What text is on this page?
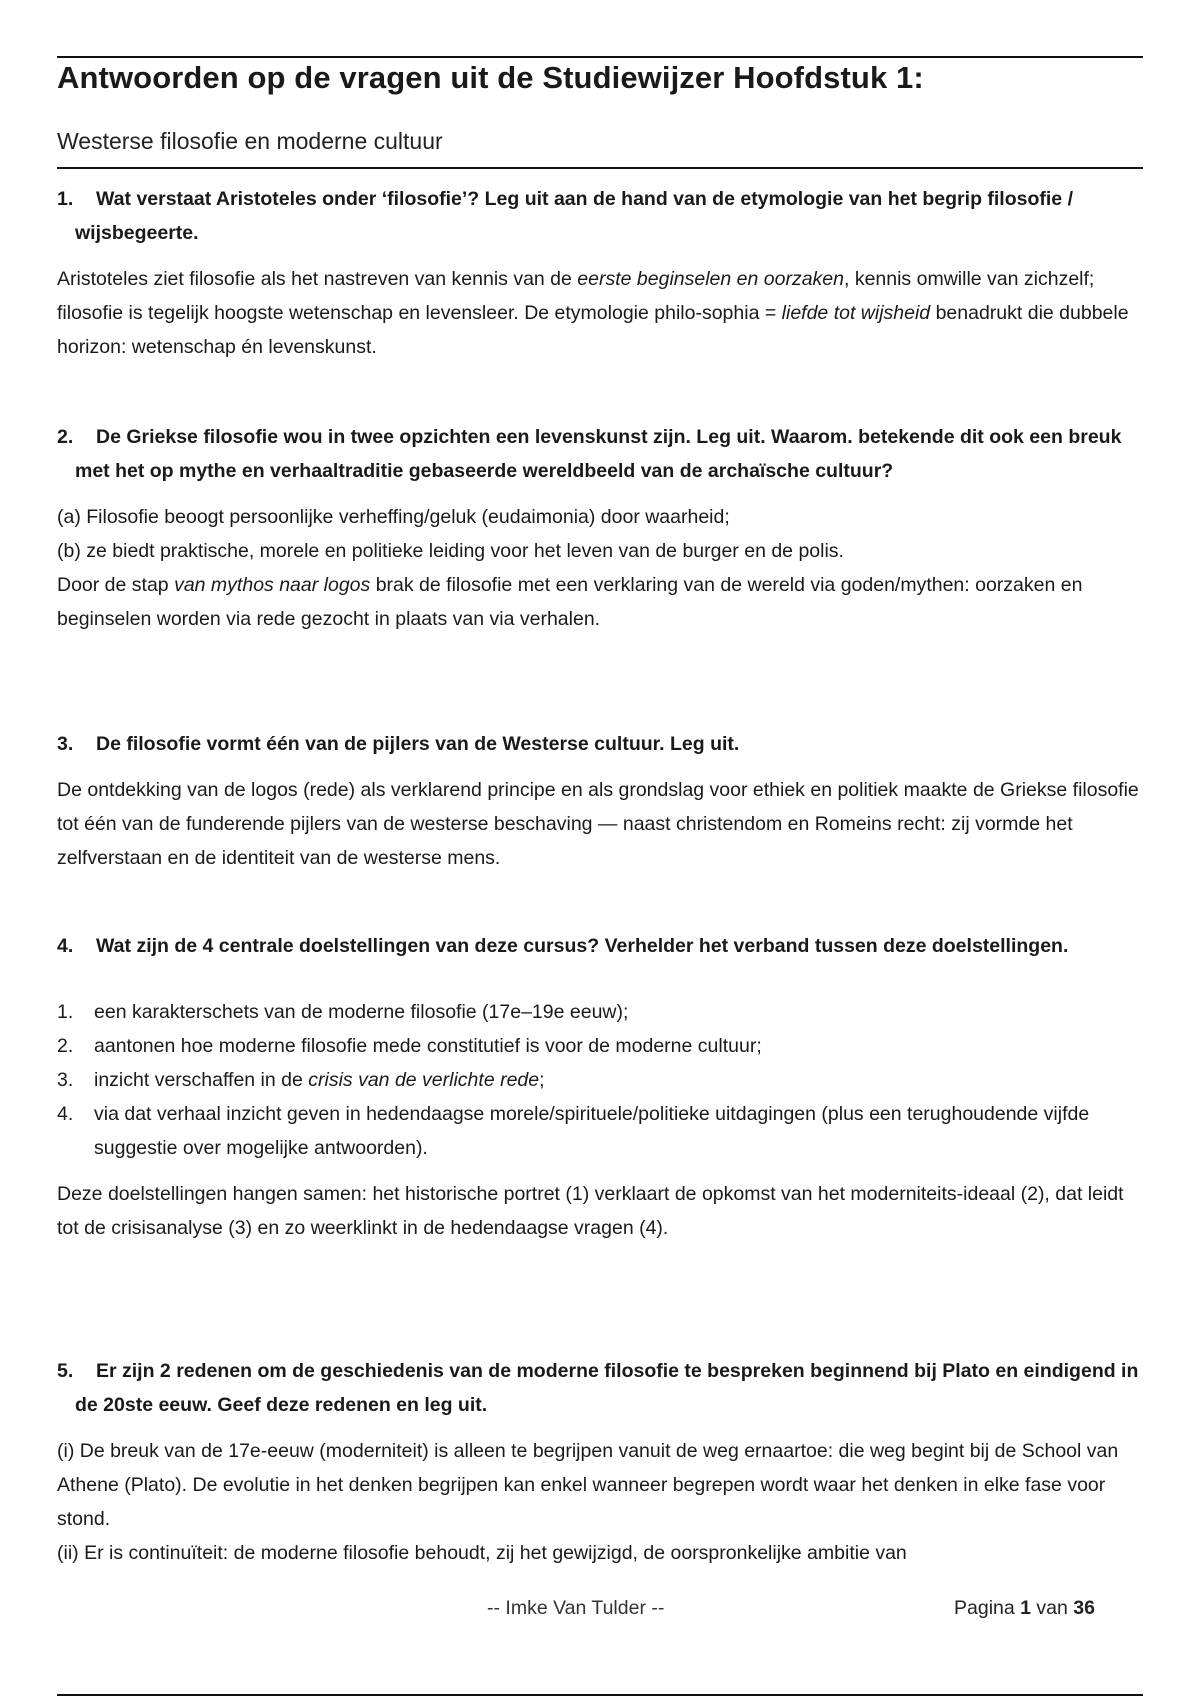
Antwoorden op de vragen uit de Studiewijzer Hoofdstuk 1:
Westerse filosofie en moderne cultuur

1. Wat verstaat Aristoteles onder ‘filosofie’? Leg uit aan de hand van de etymologie van het begrip filosofie / wijsbegeerte.

Aristoteles ziet filosofie als het nastreven van kennis van de eerste beginselen en oorzaken, kennis omwille van zichzelf; filosofie is tegelijk hoogste wetenschap en levensleer. De etymologie philo-sophia = liefde tot wijsheid benadrukt die dubbele horizon: wetenschap én levenskunst.

2. De Griekse filosofie wou in twee opzichten een levenskunst zijn. Leg uit. Waarom. betekende dit ook een breuk met het op mythe en verhaaltraditie gebaseerde wereldbeeld van de archaïsche cultuur?

(a) Filosofie beoogt persoonlijke verheffing/geluk (eudaimonia) door waarheid;

(b) ze biedt praktische, morele en politieke leiding voor het leven van de burger en de polis.

Door de stap van mythos naar logos brak de filosofie met een verklaring van de wereld via goden/mythen: oorzaken en beginselen worden via rede gezocht in plaats van via verhalen.

3.	De filosofie vormt één van de pijlers van de Westerse cultuur. Leg uit.

De ontdekking van de logos (rede) als verklarend principe en als grondslag voor ethiek en politiek maakte de Griekse filosofie tot één van de funderende pijlers van de westerse beschaving — naast christendom en Romeins recht: zij vormde het zelfverstaan en de identiteit van de westerse mens.

4. Wat zijn de 4 centrale doelstellingen van deze cursus? Verhelder het verband tussen deze doelstellingen.

1.	een karakterschets van de moderne filosofie (17e–19e eeuw);
2.	aantonen hoe moderne filosofie mede constitutief is voor de moderne cultuur;
3.	inzicht verschaffen in de crisis van de verlichte rede;
4.	via dat verhaal inzicht geven in hedendaagse morele/spirituele/politieke uitdagingen (plus een terughoudende vijfde suggestie over mogelijke antwoorden).

Deze doelstellingen hangen samen: het historische portret (1) verklaart de opkomst van het moderniteits-ideaal (2), dat leidt tot de crisisanalyse (3) en zo weerklinkt in de hedendaagse vragen (4).

5. Er zijn 2 redenen om de geschiedenis van de moderne filosofie te bespreken beginnend bij Plato en eindigend in de 20ste eeuw. Geef deze redenen en leg uit.

(i) De breuk van de 17e-eeuw (moderniteit) is alleen te begrijpen vanuit de weg ernaartoe: die weg begint bij de School van Athene (Plato). De evolutie in het denken begrijpen kan enkel wanneer begrepen wordt waar het denken in elke fase voor stond.

(ii) Er is continuïteit: de moderne filosofie behoudt, zij het gewijzigd, de oorspronkelijke ambitie van

-- Imke Van Tulder --	Pagina 1 van 36
